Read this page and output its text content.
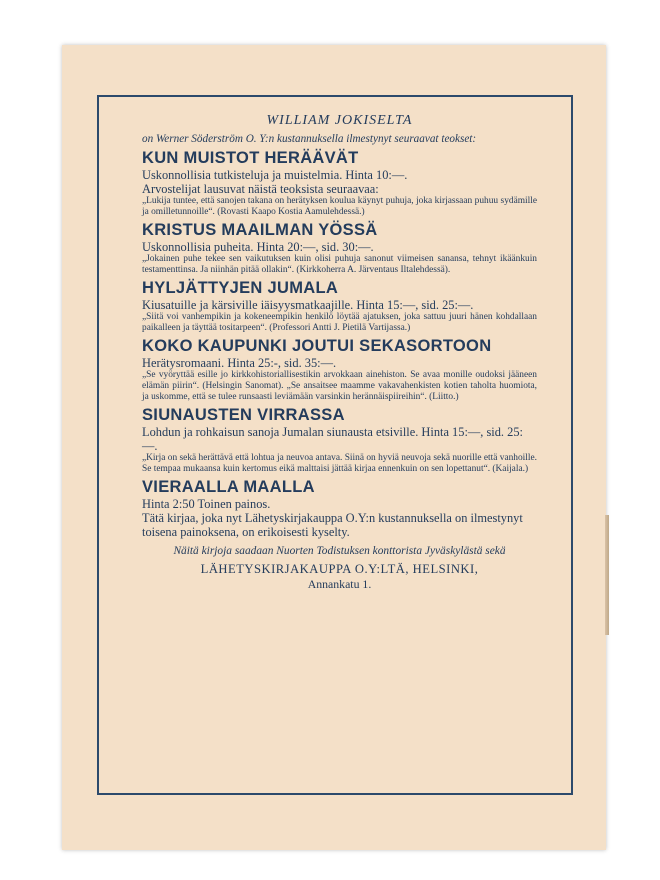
WILLIAM JOKISELTA
on Werner Söderström O. Y:n kustannuksella ilmestynyt seuraavat teokset:
KUN MUISTOT HERÄÄVÄT
Uskonnollisia tutkisteluja ja muistelmia. Hinta 10:—.
Arvostelijat lausuvat näistä teoksista seuraavaa:
„Lukija tuntee, että sanojen takana on herätyksen koulua käynyt puhuja, joka kirjassaan puhuu sydämille ja omilletunnoille“. (Rovasti Kaapo Kostia Aamulehdessä.)
KRISTUS MAAILMAN YÖSSÄ
Uskonnollisia puheita. Hinta 20:—, sid. 30:—.
„Jokainen puhe tekee sen vaikutuksen kuin olisi puhuja sanonut viimeisen sanansa, tehnyt ikäänkuin testamenttinsa. Ja niinhän pitää ollakin“. (Kirkkoherra A. Järventaus Iltalehdessä).
HYLJÄTTYJEN JUMALA
Kiusatuille ja kärsiville iäisyysmatkaajille. Hinta 15:—, sid. 25:—.
„Siitä voi vanhempikin ja kokeneempikin henkilö löytää ajatuksen, joka sattuu juuri hänen kohdallaan paikalleen ja täyttää tositarpeen“. (Professori Antti J. Pietilä Vartijassa.)
KOKO KAUPUNKI JOUTUI SEKASORTOON
Herätysromaani. Hinta 25:-, sid. 35:—.
„Se vyöryttää esille jo kirkkohistoriallisestikin arvokkaan ainehiston. Se avaa monille oudoksi jääneen elämän piirin“. (Helsingin Sanomat). „Se ansaitsee maamme vakavahenkisten kotien taholta huomiota, ja uskomme, että se tulee runsaasti leviämään varsinkin herännäispiireihin“. (Liitto.)
SIUNAUSTEN VIRRASSA
Lohdun ja rohkaisun sanoja Jumalan siunausta etsiville. Hinta 15:—, sid. 25:—.
„Kirja on sekä herättävä että lohtua ja neuvoa antava. Siinä on hyviä neuvoja sekä nuorille että vanhoille. Se tempaa mukaansa kuin kertomus eikä malttaisi jättää kirjaa ennenkuin on sen lopettanut“. (Kaijala.)
VIERAALLA MAALLA
Hinta 2:50 Toinen painos.
Tätä kirjaa, joka nyt Lähetyskirjakauppa O.Y:n kustannuksella on ilmestynyt toisena painoksena, on erikoisesti kyselty.
Näitä kirjoja saadaan Nuorten Todistuksen konttorista Jyväskylästä sekä
LÄHETYSKIRJAKAUPPA O.Y:LTÄ, HELSINKI,
Annankatu 1.
